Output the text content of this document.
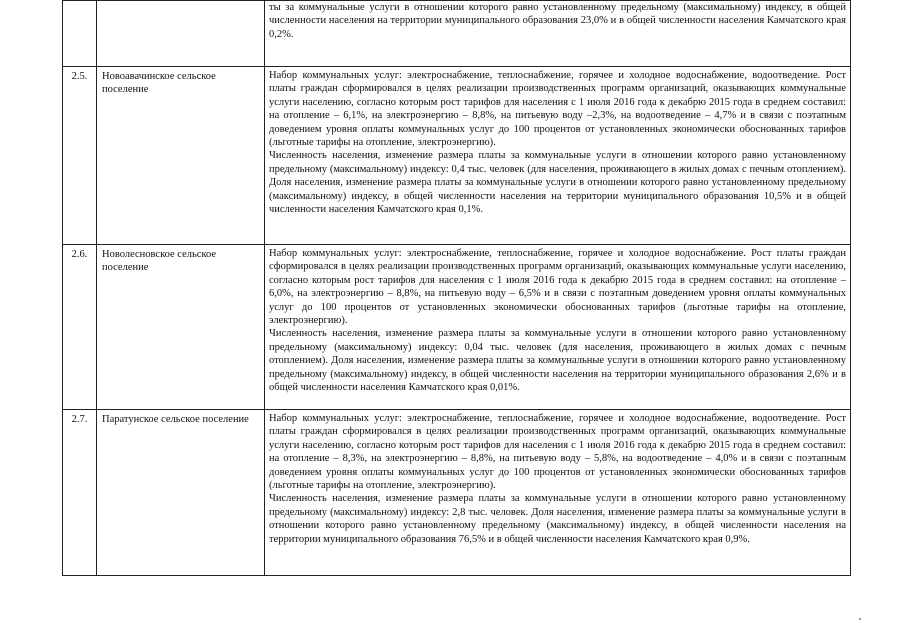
		ты за коммунальные услуги в отношении которого равно установленному предельному (максимальному) индексу, в общей численности населения на территории муниципального образования 23,0% и в общей численности населения Камчатского края 0,2%.

2.5.	Новоавачинское сельское поселение	Набор коммунальных услуг: электроснабжение, теплоснабжение, горячее и холодное водоснабжение, водоотведение. Рост платы граждан сформировался в целях реализации производственных программ организаций, оказывающих коммунальные услуги населению, согласно которым рост тарифов для населения с 1 июля 2016 года к декабрю 2015 года в среднем составил: на отопление – 6,1%, на электроэнергию – 8,8%, на питьевую воду –2,3%, на водоотведение – 4,7% и в связи с поэтапным доведением уровня оплаты коммунальных услуг до 100 процентов от установленных экономически обоснованных тарифов (льготные тарифы на отопление, электроэнергию).

Численность населения, изменение размера платы за коммунальные услуги в отношении которого равно установленному предельному (максимальному) индексу: 0,4 тыс. человек (для населения, проживающего в жилых домах с печным отоплением). Доля населения, изменение размера платы за коммунальные услуги в отношении которого равно установленному предельному (максимальному) индексу, в общей численности населения на территории муниципального образования 10,5% и в общей численности населения Камчатского края 0,1%.

2.6.	Новолесновское сельское поселение	Набор коммунальных услуг: электроснабжение, теплоснабжение, горячее и холодное водоснабжение. Рост платы граждан сформировался в целях реализации производственных программ организаций, оказывающих коммунальные услуги населению, согласно которым рост тарифов для населения с 1 июля 2016 года к декабрю 2015 года в среднем составил: на отопление – 6,0%, на электроэнергию – 8,8%, на питьевую воду – 6,5% и в связи с поэтапным доведением уровня оплаты коммунальных услуг до 100 процентов от установленных экономически обоснованных тарифов (льготные тарифы на отопление, электроэнергию).

Численность населения, изменение размера платы за коммунальные услуги в отношении которого равно установленному предельному (максимальному) индексу: 0,04 тыс. человек (для населения, проживающего в жилых домах с печным отоплением). Доля населения, изменение размера платы за коммунальные услуги в отношении которого равно установленному предельному (максимальному) индексу, в общей численности населения на территории муниципального образования 2,6% и в общей численности населения Камчатского края 0,01%.

2.7.	Паратунское сельское поселение	Набор коммунальных услуг: электроснабжение, теплоснабжение, горячее и холодное водоснабжение, водоотведение. Рост платы граждан сформировался в целях реализации производственных программ организаций, оказывающих коммунальные услуги населению, согласно которым рост тарифов для населения с 1 июля 2016 года к декабрю 2015 года в среднем составил: на отопление – 8,3%, на электроэнергию – 8,8%, на питьевую воду – 5,8%, на водоотведение – 4,0% и в связи с поэтапным доведением уровня оплаты коммунальных услуг до 100 процентов от установленных экономически обоснованных тарифов (льготные тарифы на отопление, электроэнергию).

Численность населения, изменение размера платы за коммунальные услуги в отношении которого равно установленному предельному (максимальному) индексу: 2,8 тыс. человек. Доля населения, изменение размера платы за коммунальные услуги в отношении которого равно установленному предельному (максимальному) индексу, в общей численности населения на территории муниципального образования 76,5% и в общей численности населения Камчатского края 0,9%.
